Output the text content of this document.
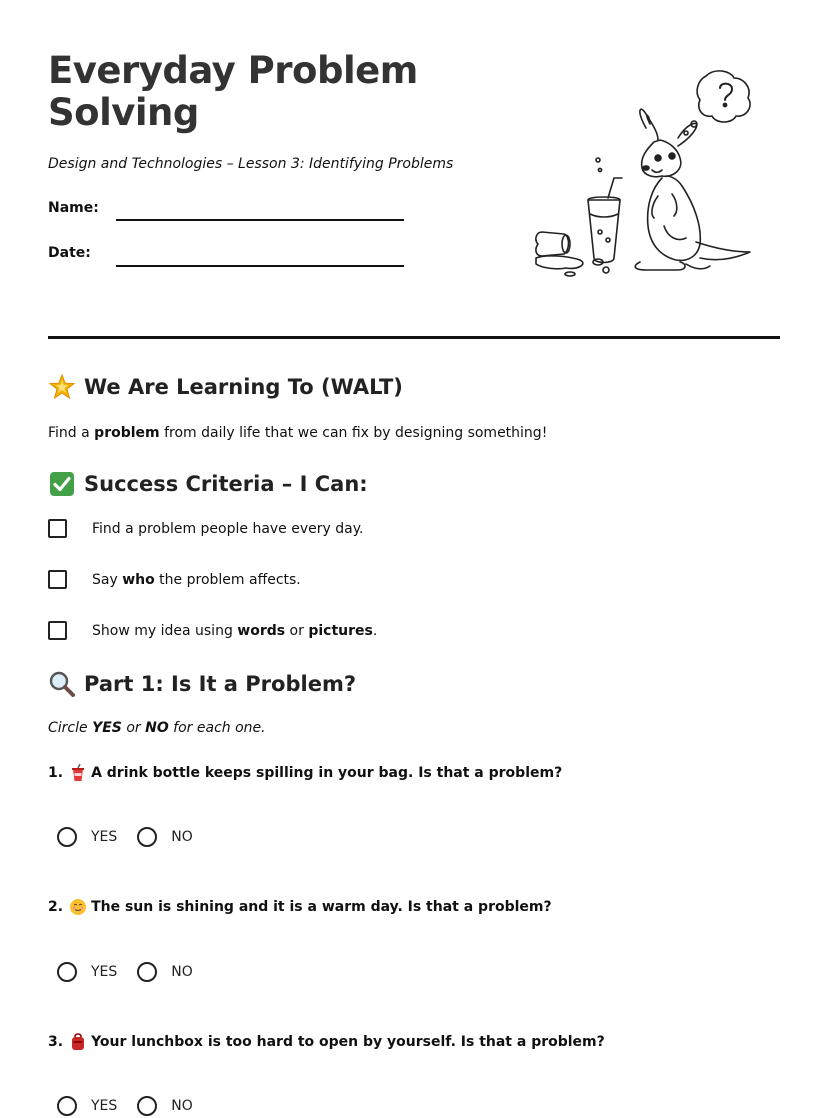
Everyday Problem Solving
Design and Technologies – Lesson 3: Identifying Problems
Name:
Date:
We Are Learning To (WALT)
Find a problem from daily life that we can fix by designing something!
Success Criteria – I Can:
Find a problem people have every day.
Say who the problem affects.
Show my idea using words or pictures.
Part 1: Is It a Problem?
Circle YES or NO for each one.
1. A drink bottle keeps spilling in your bag. Is that a problem?
YES	NO
2. The sun is shining and it is a warm day. Is that a problem?
YES	NO
3. Your lunchbox is too hard to open by yourself. Is that a problem?
YES	NO
